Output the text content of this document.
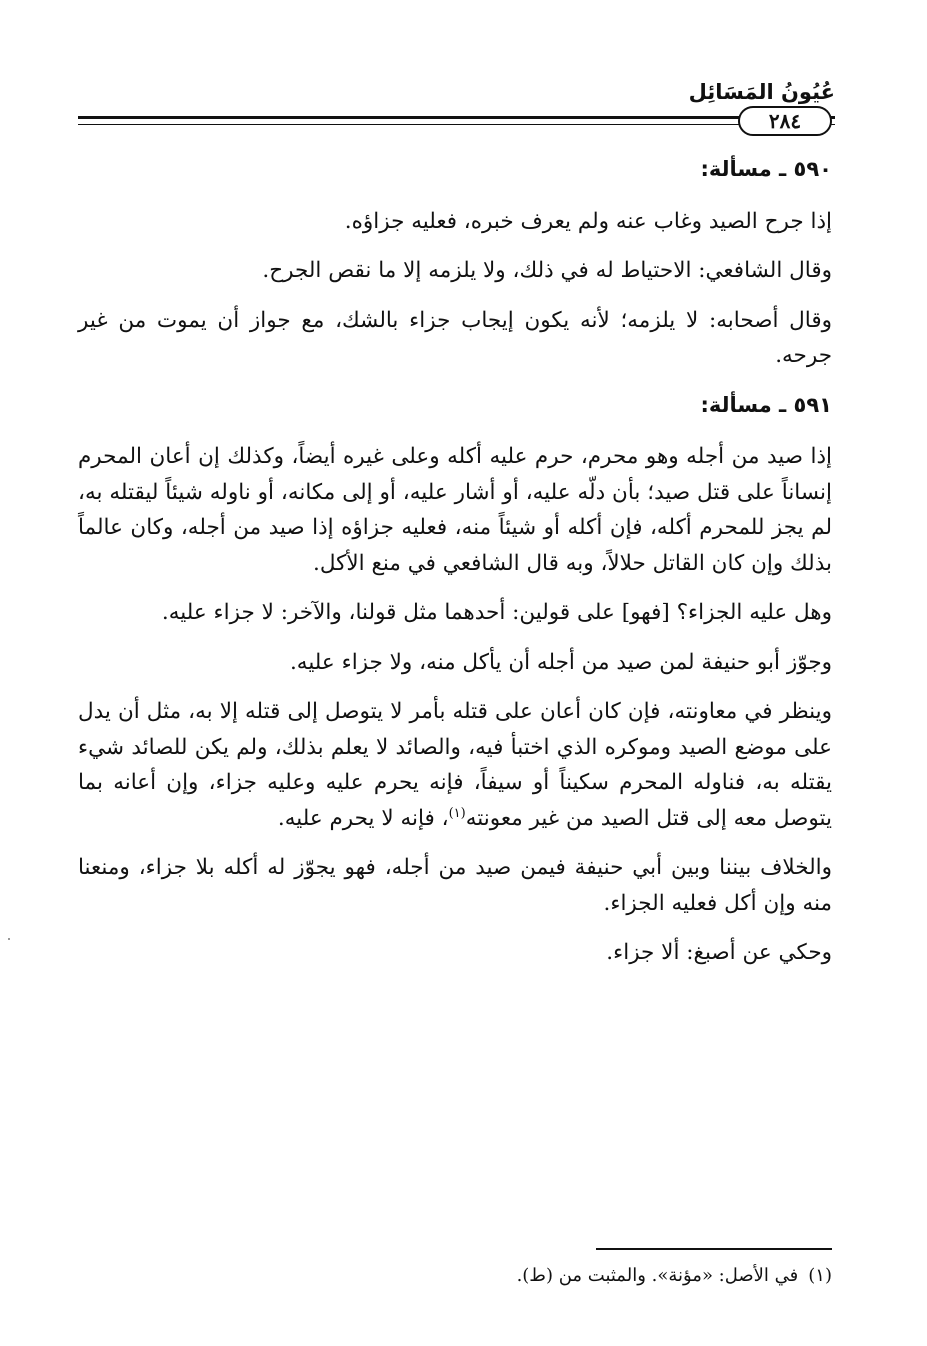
عُيُونُ المَسَائِل
٢٨٤
٥٩٠ ـ مسألة:

إذا جرح الصيد وغاب عنه ولم يعرف خبره، فعليه جزاؤه.

وقال الشافعي: الاحتياط له في ذلك، ولا يلزمه إلا ما نقص الجرح.

وقال أصحابه: لا يلزمه؛ لأنه يكون إيجاب جزاء بالشك، مع جواز أن يموت من غير جرحه.

٥٩١ ـ مسألة:

إذا صيد من أجله وهو محرم، حرم عليه أكله وعلى غيره أيضاً، وكذلك إن أعان المحرم إنساناً على قتل صيد؛ بأن دلّه عليه، أو أشار عليه، أو إلى مكانه، أو ناوله شيئاً ليقتله به، لم يجز للمحرم أكله، فإن أكله أو شيئاً منه، فعليه جزاؤه إذا صيد من أجله، وكان عالماً بذلك وإن كان القاتل حلالاً، وبه قال الشافعي في منع الأكل.

وهل عليه الجزاء؟ [فهو] على قولين: أحدهما مثل قولنا، والآخر: لا جزاء عليه.

وجوّز أبو حنيفة لمن صيد من أجله أن يأكل منه، ولا جزاء عليه.

وينظر في معاونته، فإن كان أعان على قتله بأمر لا يتوصل إلى قتله إلا به، مثل أن يدل على موضع الصيد وموكره الذي اختبأ فيه، والصائد لا يعلم بذلك، ولم يكن للصائد شيء يقتله به، فناوله المحرم سكيناً أو سيفاً، فإنه يحرم عليه وعليه جزاء، وإن أعانه بما يتوصل معه إلى قتل الصيد من غير معونته$^{(١)}$، فإنه لا يحرم عليه.

والخلاف بيننا وبين أبي حنيفة فيمن صيد من أجله، فهو يجوّز له أكله بلا جزاء، ومنعنا منه وإن أكل فعليه الجزاء.

وحكي عن أصبغ: ألا جزاء.

(١)في الأصل: «مؤنة». والمثبت من (ط).
